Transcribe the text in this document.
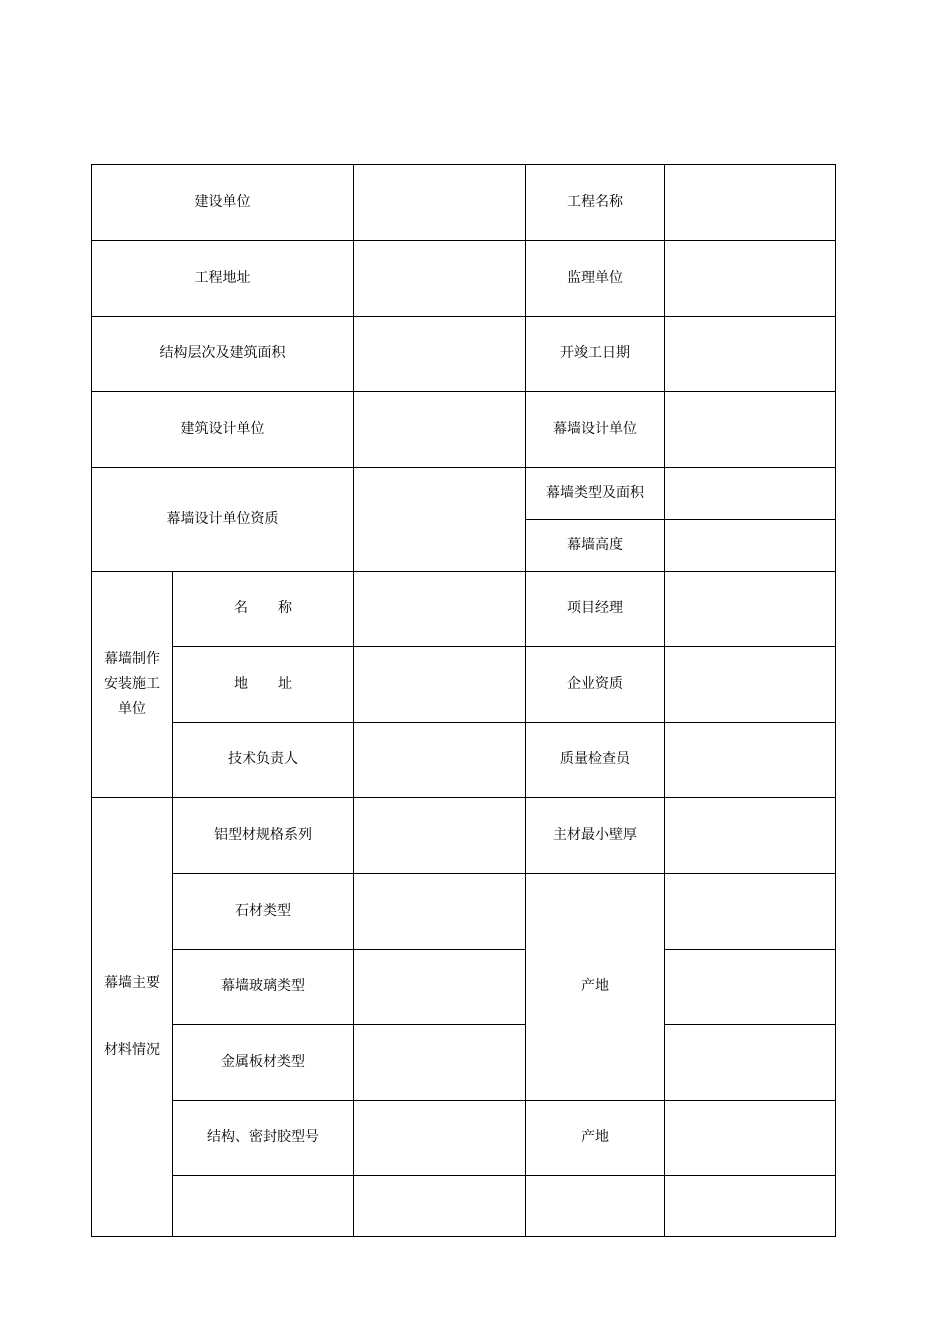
建设单位			工程名称	
工程地址			监理单位	
结构层次及建筑面积			开竣工日期	
建筑设计单位			幕墙设计单位	
幕墙设计单位资质			幕墙类型及面积	
			幕墙高度	

幕墙制作
安装施工
单位	名 称		项目经理	
	地 址		企业资质	
	技术负责人		质量检查员	

幕墙主要
材料情况	铝型材规格系列		主材最小壁厚	
	石材类型		产地	
	幕墙玻璃类型			
	金属板材类型			
	结构、密封胶型号		产地	
